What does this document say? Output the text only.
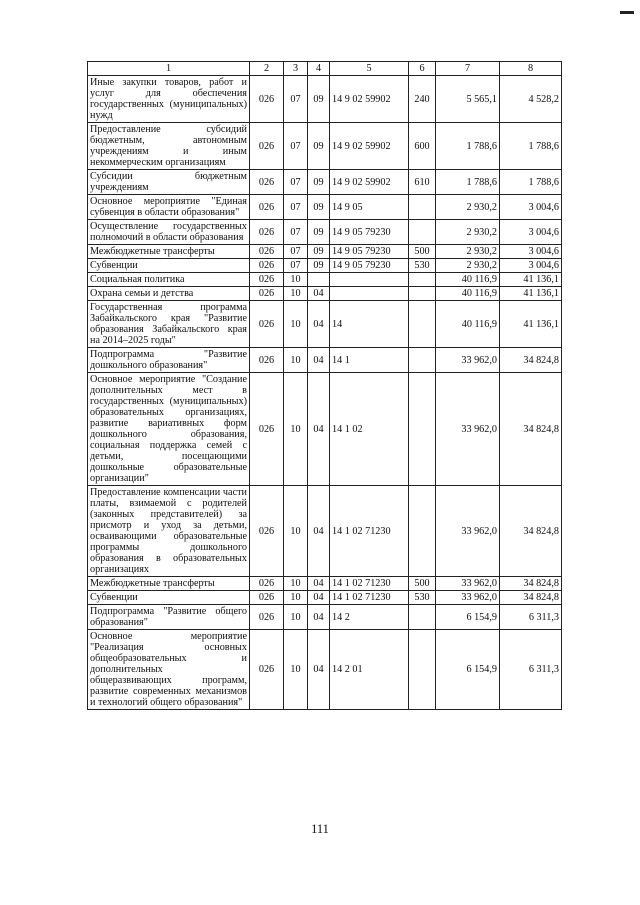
1	2	3	4	5	6	7	8
Иные закупки товаров, работ и услуг для обеспечения государственных (муниципальных) нужд	026	07	09	14 9 02 59902	240	5 565,1	4 528,2
Предоставление субсидий бюджетным, автономным учреждениям и иным некоммерческим организациям	026	07	09	14 9 02 59902	600	1 788,6	1 788,6
Субсидии бюджетным учреждениям	026	07	09	14 9 02 59902	610	1 788,6	1 788,6
Основное мероприятие "Единая субвенция в области образования"	026	07	09	14 9 05		2 930,2	3 004,6
Осуществление государственных полномочий в области образования	026	07	09	14 9 05 79230		2 930,2	3 004,6
Межбюджетные трансферты	026	07	09	14 9 05 79230	500	2 930,2	3 004,6
Субвенции	026	07	09	14 9 05 79230	530	2 930,2	3 004,6
Социальная политика	026	10				40 116,9	41 136,1
Охрана семьи и детства	026	10	04			40 116,9	41 136,1
Государственная программа Забайкальского края "Развитие образования Забайкальского края на 2014–2025 годы"	026	10	04	14		40 116,9	41 136,1
Подпрограмма "Развитие дошкольного образования"	026	10	04	14 1		33 962,0	34 824,8
Основное мероприятие "Создание дополнительных мест в государственных (муниципальных) образовательных организациях, развитие вариативных форм дошкольного образования, социальная поддержка семей с детьми, посещающими дошкольные образовательные организации"	026	10	04	14 1 02		33 962,0	34 824,8
Предоставление компенсации части платы, взимаемой с родителей (законных представителей) за присмотр и уход за детьми, осваивающими образовательные программы дошкольного образования в образовательных организациях	026	10	04	14 1 02 71230		33 962,0	34 824,8
Межбюджетные трансферты	026	10	04	14 1 02 71230	500	33 962,0	34 824,8
Субвенции	026	10	04	14 1 02 71230	530	33 962,0	34 824,8
Подпрограмма "Развитие общего образования"	026	10	04	14 2		6 154,9	6 311,3
Основное мероприятие "Реализация основных общеобразовательных и дополнительных общеразвивающих программ, развитие современных механизмов и технологий общего образования"	026	10	04	14 2 01		6 154,9	6 311,3
111
